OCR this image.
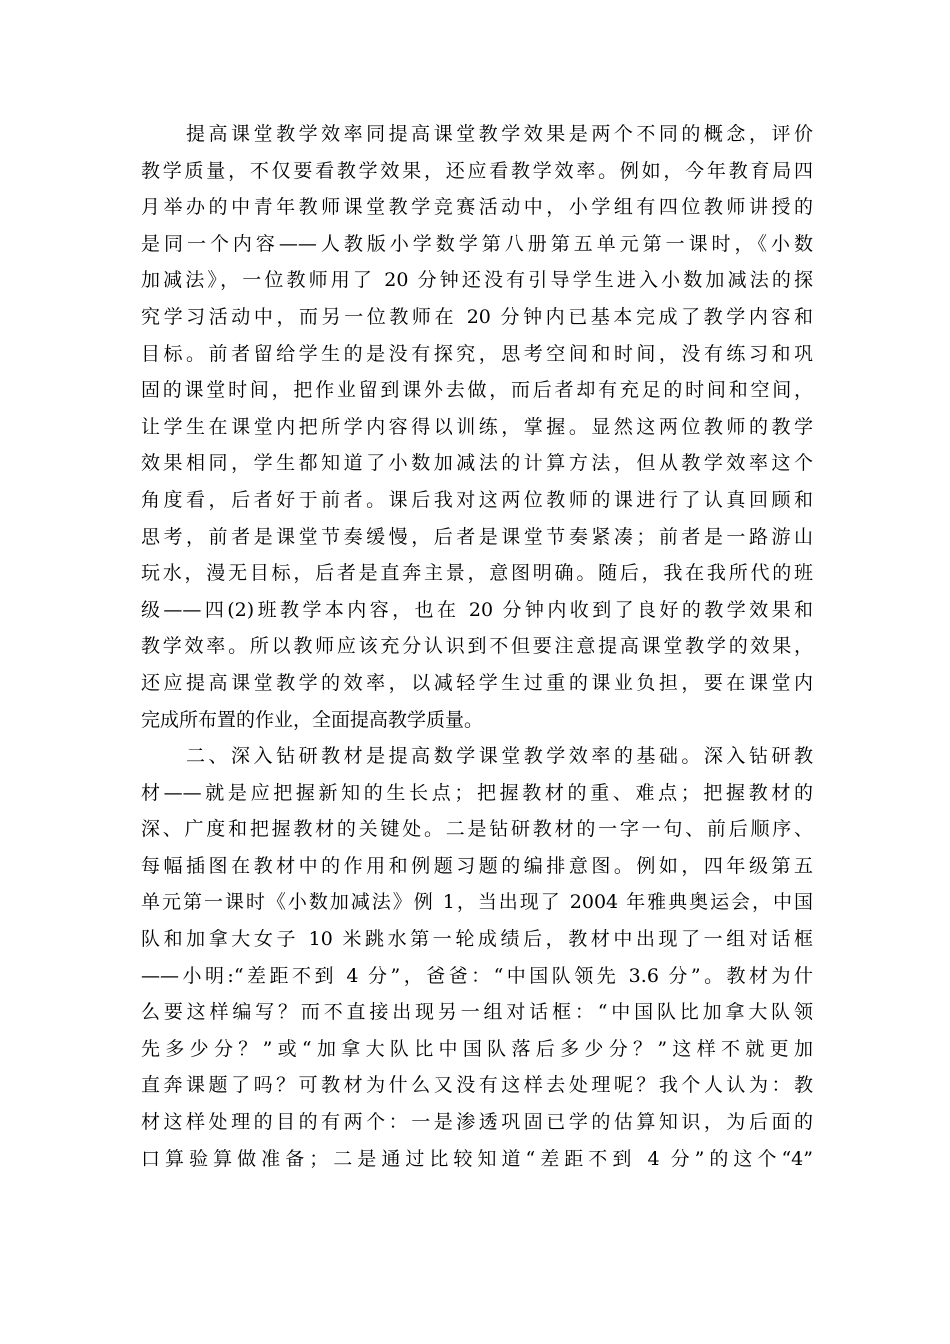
提高课堂教学效率同提高课堂教学效果是两个不同的概念，评价
教学质量，不仅要看教学效果，还应看教学效率。例如，今年教育局四
月举办的中青年教师课堂教学竞赛活动中，小学组有四位教师讲授的
是同一个内容——人教版小学数学第八册第五单元第一课时，《小数
加减法》，一位教师用了 20 分钟还没有引导学生进入小数加减法的探
究学习活动中，而另一位教师在 20 分钟内已基本完成了教学内容和
目标。前者留给学生的是没有探究，思考空间和时间，没有练习和巩
固的课堂时间，把作业留到课外去做，而后者却有充足的时间和空间，
让学生在课堂内把所学内容得以训练，掌握。显然这两位教师的教学
效果相同，学生都知道了小数加减法的计算方法，但从教学效率这个
角度看，后者好于前者。课后我对这两位教师的课进行了认真回顾和
思考，前者是课堂节奏缓慢，后者是课堂节奏紧凑；前者是一路游山
玩水，漫无目标，后者是直奔主景，意图明确。随后，我在我所代的班
级——四(2)班教学本内容，也在 20 分钟内收到了良好的教学效果和
教学效率。所以教师应该充分认识到不但要注意提高课堂教学的效果，
还应提高课堂教学的效率，以减轻学生过重的课业负担，要在课堂内
完成所布置的作业，全面提高教学质量。
二、深入钻研教材是提高数学课堂教学效率的基础。深入钻研教
材——就是应把握新知的生长点；把握教材的重、难点；把握教材的
深、广度和把握教材的关键处。二是钻研教材的一字一句、前后顺序、
每幅插图在教材中的作用和例题习题的编排意图。例如，四年级第五
单元第一课时《小数加减法》例 1，当出现了 2004 年雅典奥运会，中国
队和加拿大女子 10 米跳水第一轮成绩后，教材中出现了一组对话框
——小明:“差距不到 4 分”，爸爸：“中国队领先 3.6 分”。教材为什
么要这样编写？而不直接出现另一组对话框：“中国队比加拿大队领
先多少分？”或“加拿大队比中国队落后多少分？”这样不就更加
直奔课题了吗？可教材为什么又没有这样去处理呢？我个人认为：教
材这样处理的目的有两个：一是渗透巩固已学的估算知识，为后面的
口算验算做准备；二是通过比较知道“差距不到 4 分”的这个“4”
